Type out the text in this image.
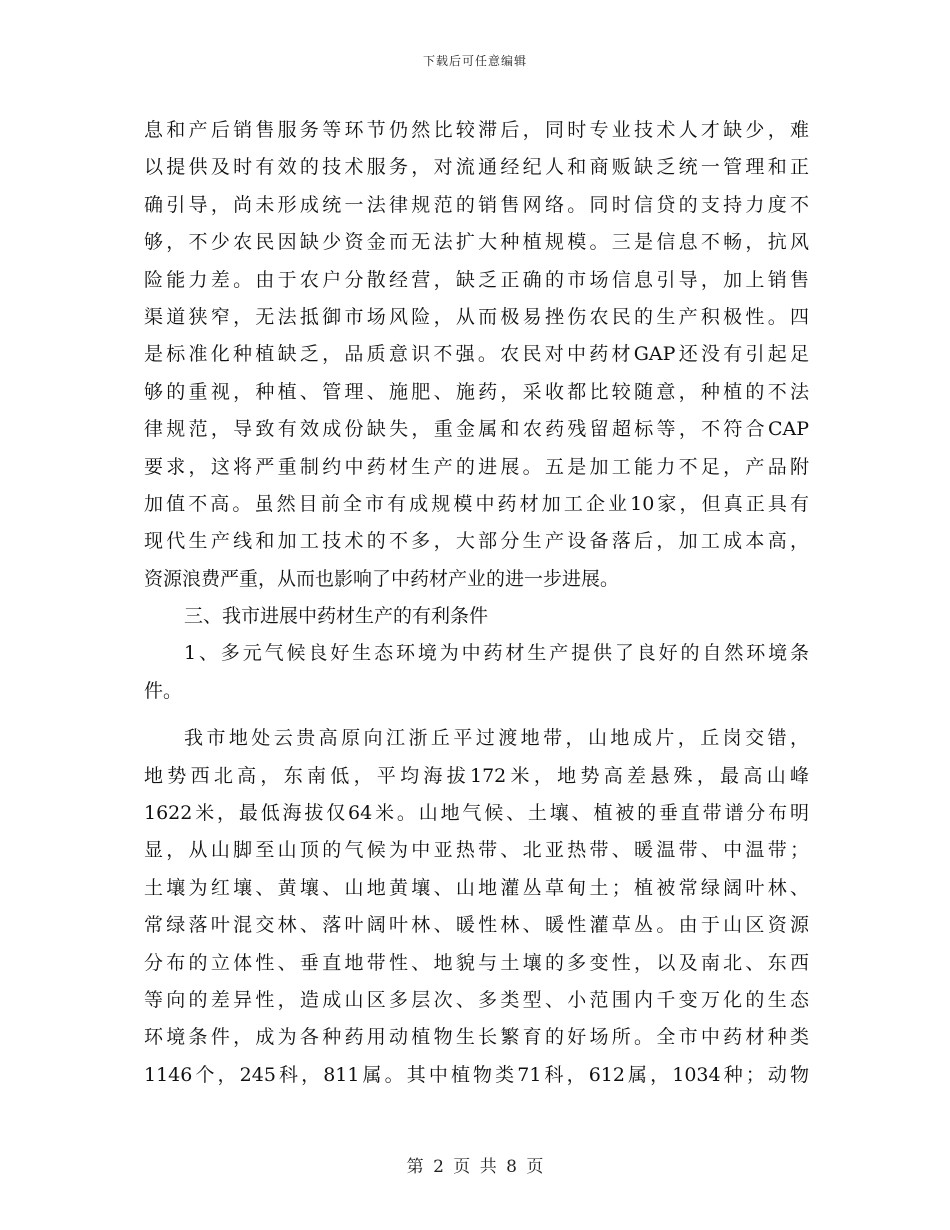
下载后可任意编辑
息和产后销售服务等环节仍然比较滞后，同时专业技术人才缺少，难
以提供及时有效的技术服务，对流通经纪人和商贩缺乏统一管理和正
确引导，尚未形成统一法律规范的销售网络。同时信贷的支持力度不
够，不少农民因缺少资金而无法扩大种植规模。三是信息不畅，抗风
险能力差。由于农户分散经营，缺乏正确的市场信息引导，加上销售
渠道狭窄，无法抵御市场风险，从而极易挫伤农民的生产积极性。四
是标准化种植缺乏，品质意识不强。农民对中药材GAP还没有引起足
够的重视，种植、管理、施肥、施药，采收都比较随意，种植的不法
律规范，导致有效成份缺失，重金属和农药残留超标等，不符合CAP
要求，这将严重制约中药材生产的进展。五是加工能力不足，产品附
加值不高。虽然目前全市有成规模中药材加工企业10家，但真正具有
现代生产线和加工技术的不多，大部分生产设备落后，加工成本高，
资源浪费严重，从而也影响了中药材产业的进一步进展。
三、我市进展中药材生产的有利条件
1、多元气候良好生态环境为中药材生产提供了良好的自然环境条
件。
我市地处云贵高原向江浙丘平过渡地带，山地成片，丘岗交错，
地势西北高，东南低，平均海拔172米，地势高差悬殊，最高山峰
1622米，最低海拔仅64米。山地气候、土壤、植被的垂直带谱分布明
显，从山脚至山顶的气候为中亚热带、北亚热带、暖温带、中温带；
土壤为红壤、黄壤、山地黄壤、山地灌丛草甸土；植被常绿阔叶林、
常绿落叶混交林、落叶阔叶林、暖性林、暖性灌草丛。由于山区资源
分布的立体性、垂直地带性、地貌与土壤的多变性，以及南北、东西
等向的差异性，造成山区多层次、多类型、小范围内千变万化的生态
环境条件，成为各种药用动植物生长繁育的好场所。全市中药材种类
1146个，245科，811属。其中植物类71科，612属，1034种；动物
第 2 页 共 8 页
